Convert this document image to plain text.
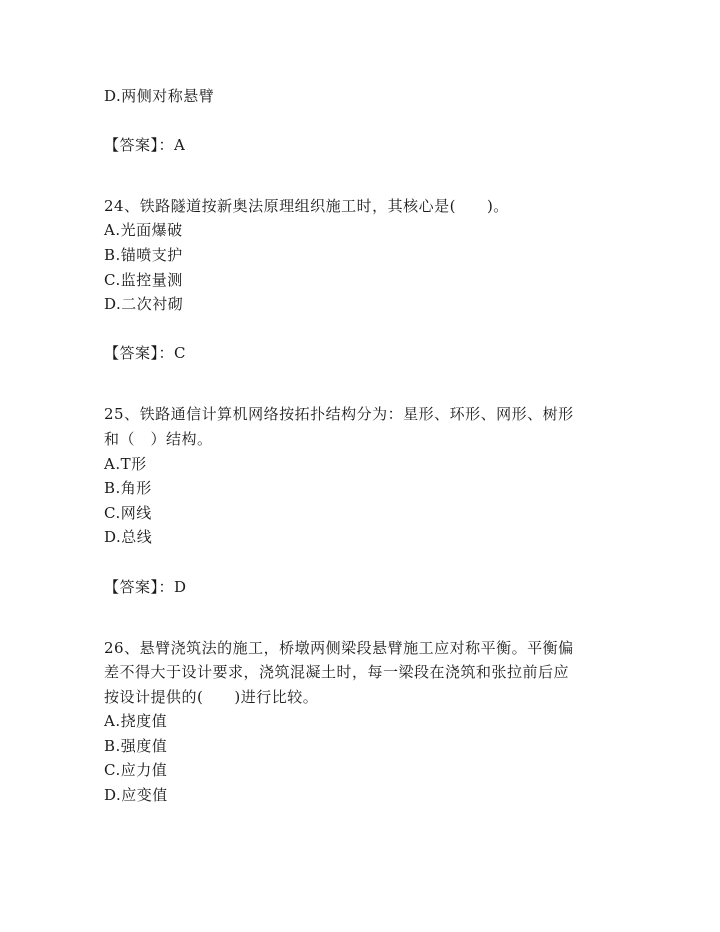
D.两侧对称悬臂
【答案】：A
24、铁路隧道按新奥法原理组织施工时，其核心是(　　)。
A.光面爆破
B.锚喷支护
C.监控量测
D.二次衬砌
【答案】：C
25、铁路通信计算机网络按拓扑结构分为：星形、环形、网形、树形
和（　）结构。
A.T形
B.角形
C.网线
D.总线
【答案】：D
26、悬臂浇筑法的施工，桥墩两侧梁段悬臂施工应对称平衡。平衡偏
差不得大于设计要求，浇筑混凝土时，每一梁段在浇筑和张拉前后应
按设计提供的(　　)进行比较。
A.挠度值
B.强度值
C.应力值
D.应变值
